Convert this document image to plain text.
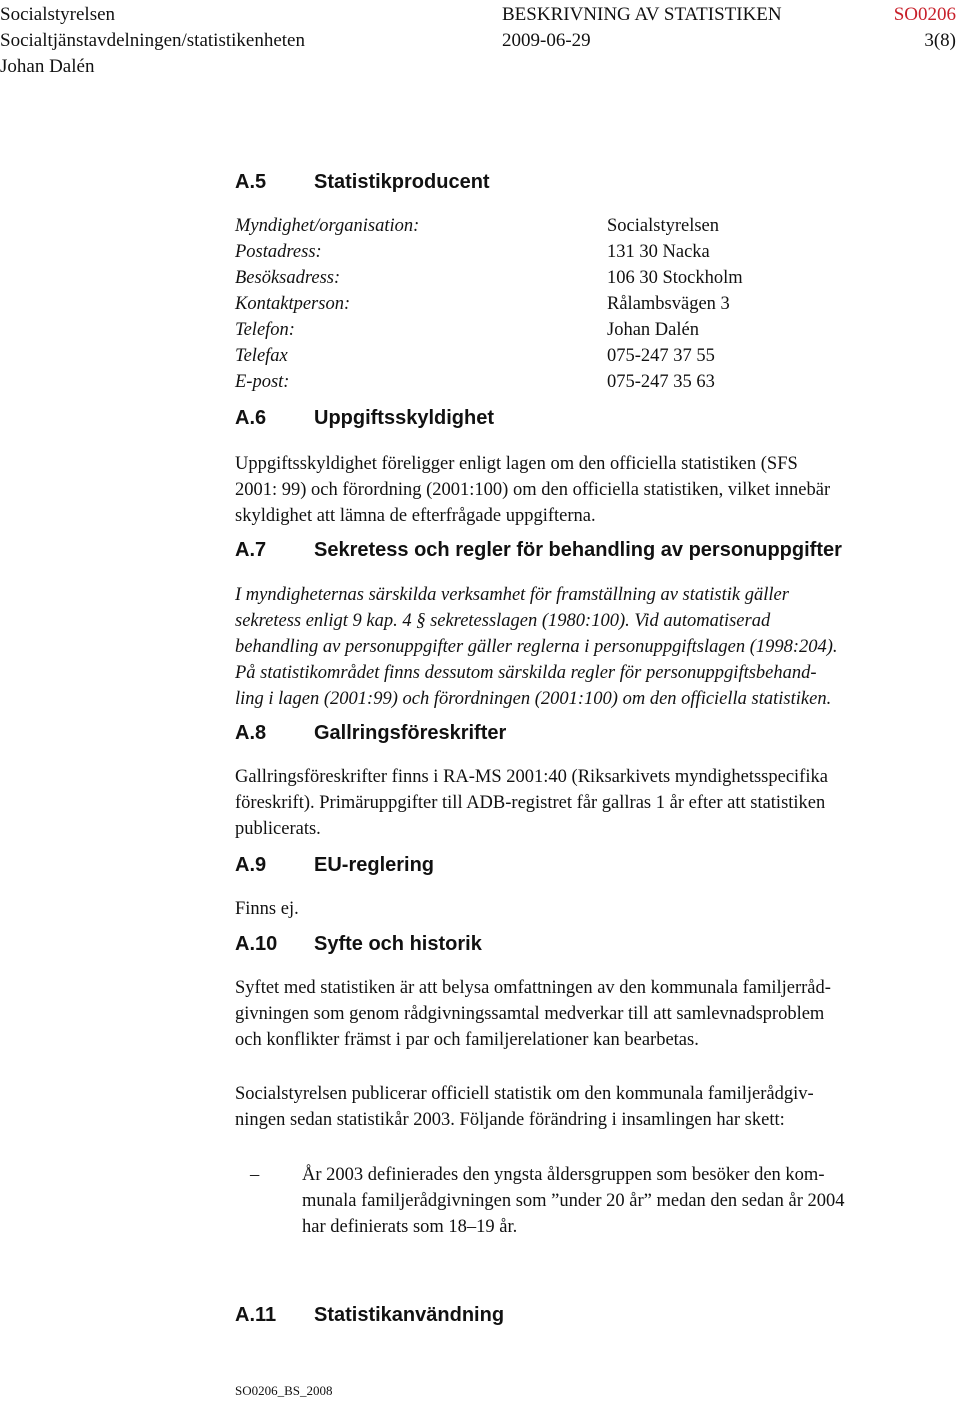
Socialstyrelsen
Socialtjänstavdelningen/statistikenheten
Johan Dalén
BESKRIVNING AV STATISTIKEN	SO0206
2009-06-29	3(8)
A.5 Statistikproducent
Myndighet/organisation:
Postadress:
Besöksadress:
Kontaktperson:
Telefon:
Telefax
E-post:
Socialstyrelsen
131 30 Nacka
106 30 Stockholm
Rålambsvägen 3
Johan Dalén
075-247 37 55
075-247 35 63
A.6 Uppgiftsskyldighet
Uppgiftsskyldighet föreligger enligt lagen om den officiella statistiken (SFS
2001: 99) och förordning (2001:100) om den officiella statistiken, vilket innebär
skyldighet att lämna de efterfrågade uppgifterna.
A.7 Sekretess och regler för behandling av personuppgifter
I myndigheternas särskilda verksamhet för framställning av statistik gäller
sekretess enligt 9 kap. 4 § sekretesslagen (1980:100). Vid automatiserad
behandling av personuppgifter gäller reglerna i personuppgiftslagen (1998:204).
På statistikområdet finns dessutom särskilda regler för personuppgiftsbehand-
ling i lagen (2001:99) och förordningen (2001:100) om den officiella statistiken.
A.8 Gallringsföreskrifter
Gallringsföreskrifter finns i RA-MS 2001:40 (Riksarkivets myndighetsspecifika
föreskrift). Primäruppgifter till ADB-registret får gallras 1 år efter att statistiken
publicerats.
A.9 EU-reglering
Finns ej.
A.10 Syfte och historik
Syftet med statistiken är att belysa omfattningen av den kommunala familjerråd-
givningen som genom rådgivningssamtal medverkar till att samlevnadsproblem
och konflikter främst i par och familjerelationer kan bearbetas.
Socialstyrelsen publicerar officiell statistik om den kommunala familjerådgiv-
ningen sedan statistikår 2003. Följande förändring i insamlingen har skett:
– År 2003 definierades den yngsta åldersgruppen som besöker den kom-
munala familjerådgivningen som ”under 20 år” medan den sedan år 2004
har definierats som 18–19 år.
A.11 Statistikanvändning
SO0206_BS_2008
